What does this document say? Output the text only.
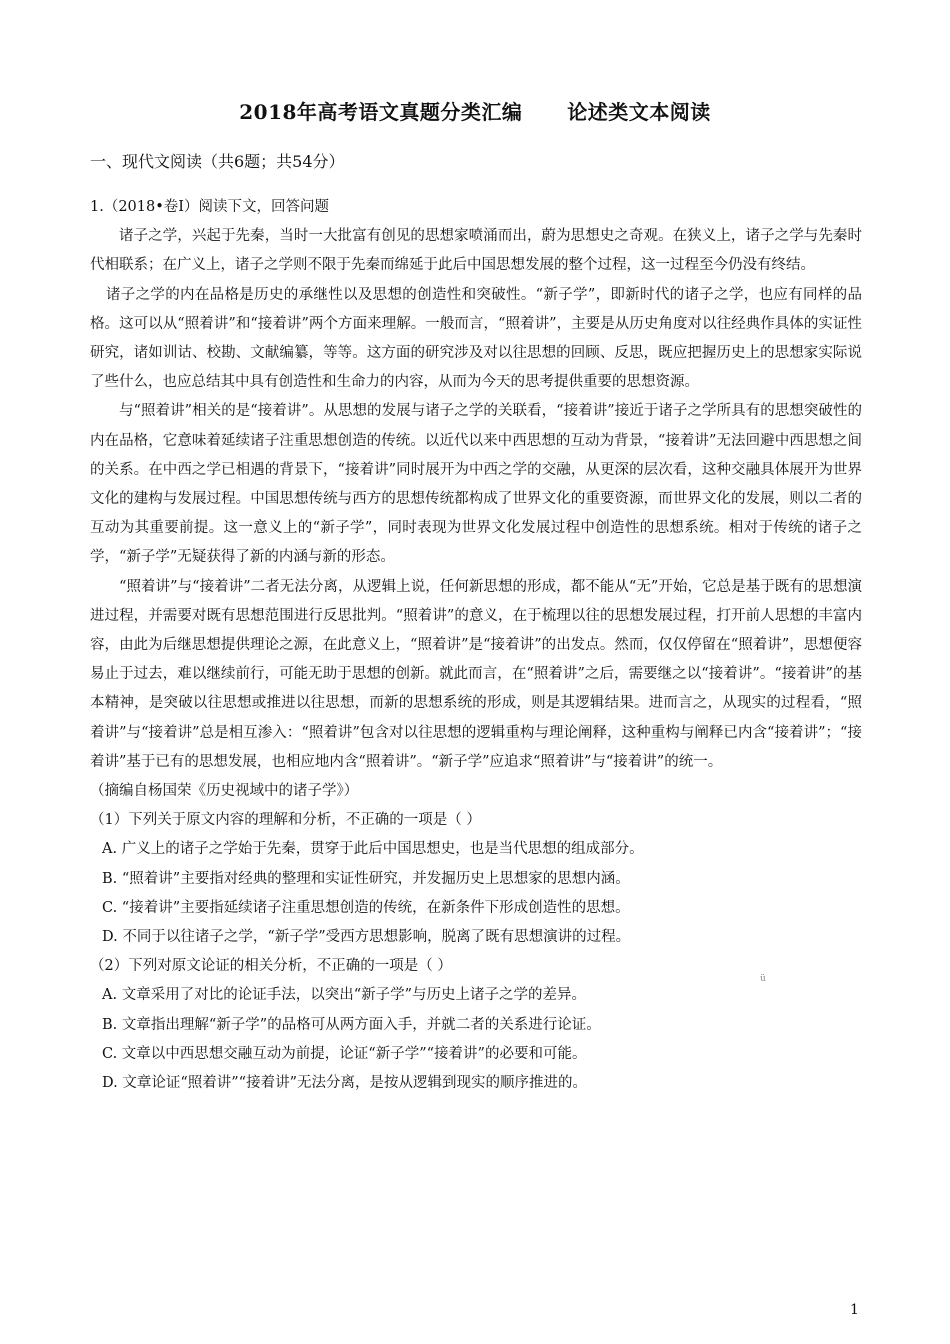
2018年高考语文真题分类汇编      论述类文本阅读
一、现代文阅读（共6题；共54分）

1.（2018•卷Ⅰ）阅读下文，回答问题

诸子之学，兴起于先秦，当时一大批富有创见的思想家喷涌而出，蔚为思想史之奇观。在狭义上，诸子之学与先秦时代相联系；在广义上，诸子之学则不限于先秦而绵延于此后中国思想发展的整个过程，这一过程至今仍没有终结。

诸子之学的内在品格是历史的承继性以及思想的创造性和突破性。“新子学”，即新时代的诸子之学，也应有同样的品格。这可以从“照着讲”和“接着讲”两个方面来理解。一般而言，“照着讲”，主要是从历史角度对以往经典作具体的实证性研究，诸如训诂、校勘、文献编纂，等等。这方面的研究涉及对以往思想的回顾、反思，既应把握历史上的思想家实际说了些什么，也应总结其中具有创造性和生命力的内容，从而为今天的思考提供重要的思想资源。

与“照着讲”相关的是“接着讲”。从思想的发展与诸子之学的关联看，“接着讲”接近于诸子之学所具有的思想突破性的内在品格，它意味着延续诸子注重思想创造的传统。以近代以来中西思想的互动为背景，“接着讲”无法回避中西思想之间的关系。在中西之学已相遇的背景下，“接着讲”同时展开为中西之学的交融，从更深的层次看，这种交融具体展开为世界文化的建构与发展过程。中国思想传统与西方的思想传统都构成了世界文化的重要资源，而世界文化的发展，则以二者的互动为其重要前提。这一意义上的“新子学”，同时表现为世界文化发展过程中创造性的思想系统。相对于传统的诸子之学，“新子学”无疑获得了新的内涵与新的形态。

“照着讲”与“接着讲”二者无法分离，从逻辑上说，任何新思想的形成，都不能从“无”开始，它总是基于既有的思想演进过程，并需要对既有思想范围进行反思批判。“照着讲”的意义，在于梳理以往的思想发展过程，打开前人思想的丰富内容，由此为后继思想提供理论之源，在此意义上，“照着讲”是“接着讲”的出发点。然而，仅仅停留在“照着讲”，思想便容易止于过去，难以继续前行，可能无助于思想的创新。就此而言，在“照着讲”之后，需要继之以“接着讲”。“接着讲”的基本精神，是突破以往思想或推进以往思想，而新的思想系统的形成，则是其逻辑结果。进而言之，从现实的过程看，“照着讲”与“接着讲”总是相互渗入：“照着讲”包含对以往思想的逻辑重构与理论阐释，这种重构与阐释已内含“接着讲”；“接着讲”基于已有的思想发展，也相应地内含“照着讲”。“新子学”应追求“照着讲”与“接着讲”的统一。

（摘编自杨国荣《历史视域中的诸子学》）

（1）下列关于原文内容的理解和分析，不正确的一项是（ ）

A. 广义上的诸子之学始于先秦，贯穿于此后中国思想史，也是当代思想的组成部分。

B. “照着讲”主要指对经典的整理和实证性研究，并发掘历史上思想家的思想内涵。

C. “接着讲”主要指延续诸子注重思想创造的传统，在新条件下形成创造性的思想。

D. 不同于以往诸子之学，“新子学”受西方思想影响，脱离了既有思想演讲的过程。

（2）下列对原文论证的相关分析，不正确的一项是（ ）

A. 文章采用了对比的论证手法，以突出“新子学”与历史上诸子之学的差异。

B. 文章指出理解“新子学”的品格可从两方面入手，并就二者的关系进行论证。

C. 文章以中西思想交融互动为前提，论证“新子学”“接着讲”的必要和可能。

D. 文章论证“照着讲”“接着讲”无法分离，是按从逻辑到现实的顺序推进的。

ü
1
